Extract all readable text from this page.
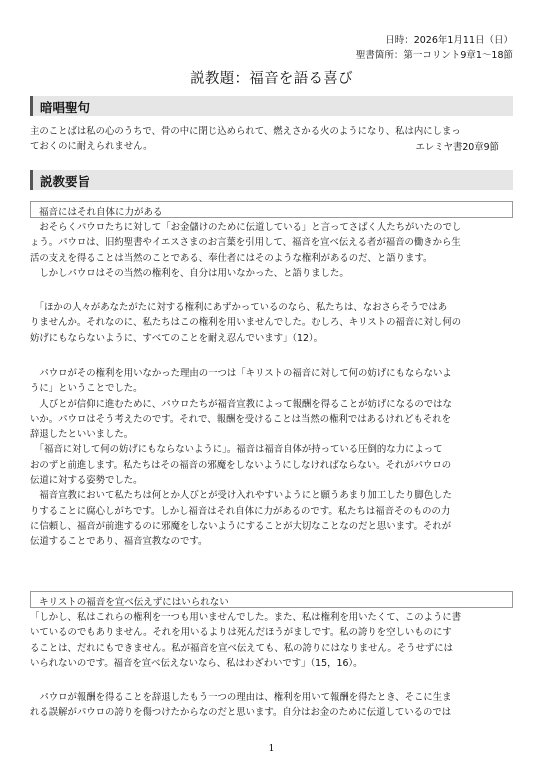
日時：2026年1月11日（日）
聖書箇所：第一コリント9章1〜18節
説教題：福音を語る喜び
暗唱聖句
主のことばは私の心のうちで、骨の中に閉じ込められて、燃えさかる火のようになり、私は内にしまっ
ておくのに耐えられません。	エレミヤ書20章9節
説教要旨
福音にはそれ自体に力がある
　おそらくパウロたちに対して「お金儲けのために伝道している」と言ってさばく人たちがいたのでし
ょう。パウロは、旧約聖書やイエスさまのお言葉を引用して、福音を宣べ伝える者が福音の働きから生
活の支えを得ることは当然のことである、奉仕者にはそのような権利があるのだ、と語ります。
　しかしパウロはその当然の権利を、自分は用いなかった、と語りました。
　「ほかの人々があなたがたに対する権利にあずかっているのなら、私たちは、なおさらそうではあ
りませんか。それなのに、私たちはこの権利を用いませんでした。むしろ、キリストの福音に対し何の
妨げにもならないように、すべてのことを耐え忍んでいます」（12）。
　パウロがその権利を用いなかった理由の一つは「キリストの福音に対して何の妨げにもならないよ
うに」ということでした。
　人びとが信仰に進むために、パウロたちが福音宣教によって報酬を得ることが妨げになるのではな
いか。パウロはそう考えたのです。それで、報酬を受けることは当然の権利ではあるけれどもそれを
辞退したといいました。
　「福音に対して何の妨げにもならないように」。福音は福音自体が持っている圧倒的な力によって
おのずと前進します。私たちはその福音の邪魔をしないようにしなければならない。それがパウロの
伝道に対する姿勢でした。
　福音宣教において私たちは何とか人びとが受け入れやすいようにと願うあまり加工したり脚色した
りすることに腐心しがちです。しかし福音はそれ自体に力があるのです。私たちは福音そのものの力
に信頼し、福音が前進するのに邪魔をしないようにすることが大切なことなのだと思います。それが
伝道することであり、福音宣教なのです。
キリストの福音を宣べ伝えずにはいられない
「しかし、私はこれらの権利を一つも用いませんでした。また、私は権利を用いたくて、このように書
いているのでもありません。それを用いるよりは死んだほうがましです。私の誇りを空しいものにす
ることは、だれにもできません。私が福音を宣べ伝えても、私の誇りにはなりません。そうせずには
いられないのです。福音を宣べ伝えないなら、私はわざわいです」（15，16）。
　パウロが報酬を得ることを辞退したもう一つの理由は、権利を用いて報酬を得たとき、そこに生ま
れる誤解がパウロの誇りを傷つけたからなのだと思います。自分はお金のために伝道しているのでは
1
